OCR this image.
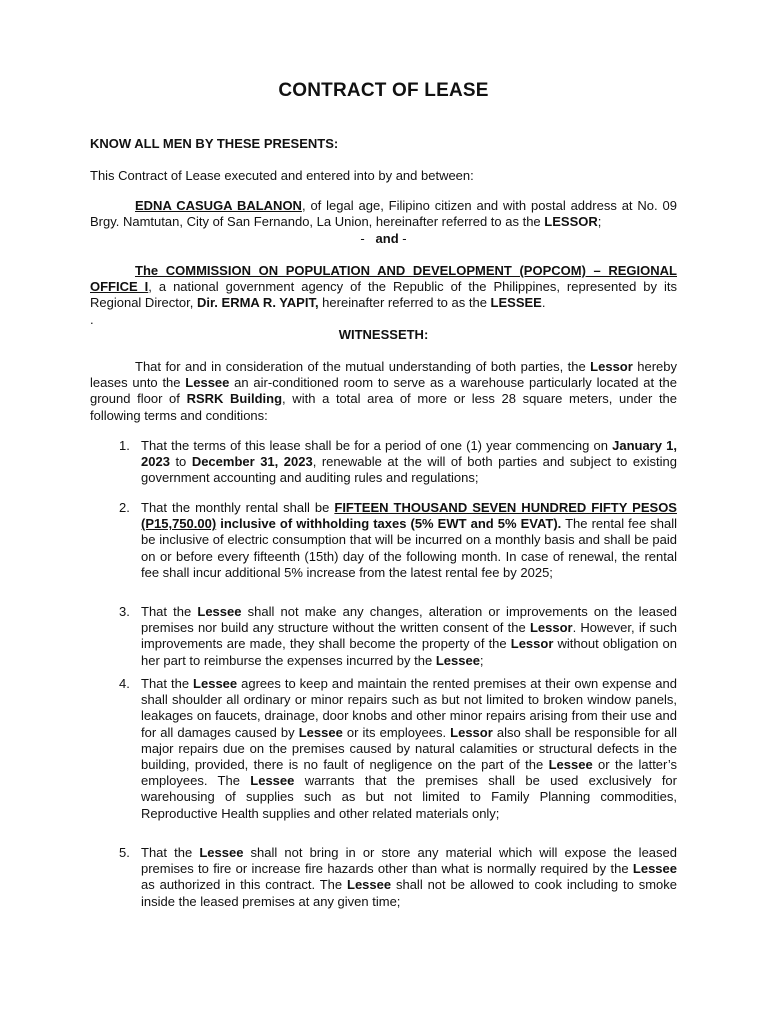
CONTRACT OF LEASE
KNOW ALL MEN BY THESE PRESENTS:
This Contract of Lease executed and entered into by and between:
EDNA CASUGA BALANON, of legal age, Filipino citizen and with postal address at No. 09 Brgy. Namtutan, City of San Fernando, La Union, hereinafter referred to as the LESSOR;
- and -
The COMMISSION ON POPULATION AND DEVELOPMENT (POPCOM) – REGIONAL OFFICE I, a national government agency of the Republic of the Philippines, represented by its Regional Director, Dir. ERMA R. YAPIT, hereinafter referred to as the LESSEE.
.
WITNESSETH:
That for and in consideration of the mutual understanding of both parties, the Lessor hereby leases unto the Lessee an air-conditioned room to serve as a warehouse particularly located at the ground floor of RSRK Building, with a total area of more or less 28 square meters, under the following terms and conditions:
1. That the terms of this lease shall be for a period of one (1) year commencing on January 1, 2023 to December 31, 2023, renewable at the will of both parties and subject to existing government accounting and auditing rules and regulations;
2. That the monthly rental shall be FIFTEEN THOUSAND SEVEN HUNDRED FIFTY PESOS (P15,750.00) inclusive of withholding taxes (5% EWT and 5% EVAT). The rental fee shall be inclusive of electric consumption that will be incurred on a monthly basis and shall be paid on or before every fifteenth (15th) day of the following month. In case of renewal, the rental fee shall incur additional 5% increase from the latest rental fee by 2025;
3. That the Lessee shall not make any changes, alteration or improvements on the leased premises nor build any structure without the written consent of the Lessor. However, if such improvements are made, they shall become the property of the Lessor without obligation on her part to reimburse the expenses incurred by the Lessee;
4. That the Lessee agrees to keep and maintain the rented premises at their own expense and shall shoulder all ordinary or minor repairs such as but not limited to broken window panels, leakages on faucets, drainage, door knobs and other minor repairs arising from their use and for all damages caused by Lessee or its employees. Lessor also shall be responsible for all major repairs due on the premises caused by natural calamities or structural defects in the building, provided, there is no fault of negligence on the part of the Lessee or the latter’s employees. The Lessee warrants that the premises shall be used exclusively for warehousing of supplies such as but not limited to Family Planning commodities, Reproductive Health supplies and other related materials only;
5. That the Lessee shall not bring in or store any material which will expose the leased premises to fire or increase fire hazards other than what is normally required by the Lessee as authorized in this contract. The Lessee shall not be allowed to cook including to smoke inside the leased premises at any given time;
